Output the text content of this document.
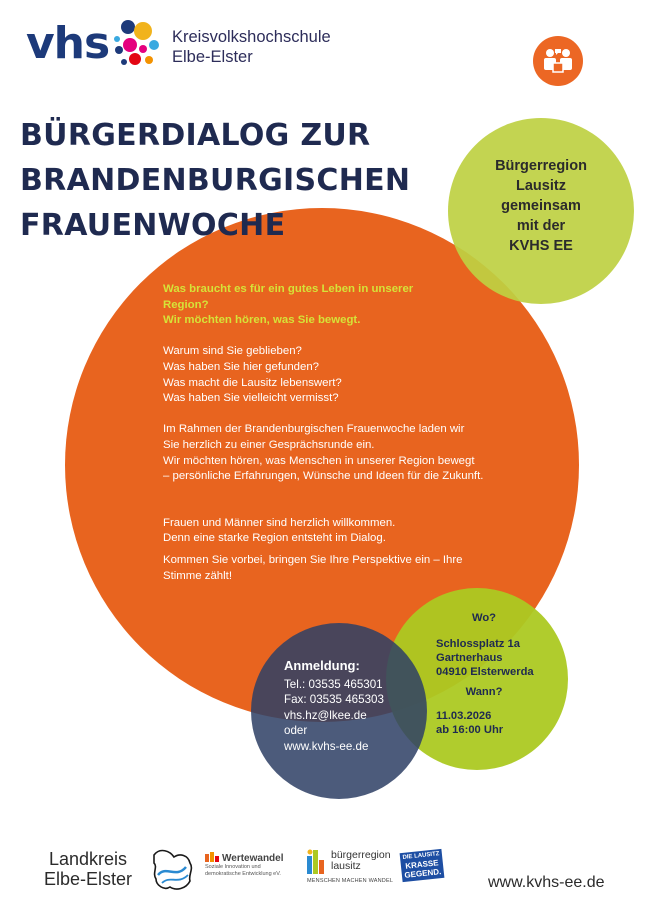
vhs	Kreisvolkshochschule
Elbe-Elster
BÜRGERDIALOG ZUR
BRANDENBURGISCHEN
FRAUENWOCHE
Bürgerregion
Lausitz
gemeinsam
mit der
KVHS EE

Was braucht es für ein gutes Leben in unserer
Region?
Wir möchten hören, was Sie bewegt.

Warum sind Sie geblieben?
Was haben Sie hier gefunden?
Was macht die Lausitz lebenswert?
Was haben Sie vielleicht vermisst?

Im Rahmen der Brandenburgischen Frauenwoche laden wir
Sie herzlich zu einer Gesprächsrunde ein.
Wir möchten hören, was Menschen in unserer Region bewegt
– persönliche Erfahrungen, Wünsche und Ideen für die Zukunft.

Frauen und Männer sind herzlich willkommen.
Denn eine starke Region entsteht im Dialog.

Kommen Sie vorbei, bringen Sie Ihre Perspektive ein – Ihre
Stimme zählt!

Anmeldung:
Tel.: 03535 465301
Fax: 03535 465303
vhs.hz@lkee.de
oder
www.kvhs-ee.de
Wo?
Schlossplatz 1a
Gartnerhaus
04910 Elsterwerda
Wann?
11.03.2026
ab 16:00 Uhr
Landkreis
Elbe-Elster
Wertewandel
Soziale Innovation und
demokratische Entwicklung eV.
bürgerregion
lausitz
MENSCHEN MACHEN WANDEL
DIE LAUSITZ
KRASSE
GEGEND.
www.kvhs-ee.de
